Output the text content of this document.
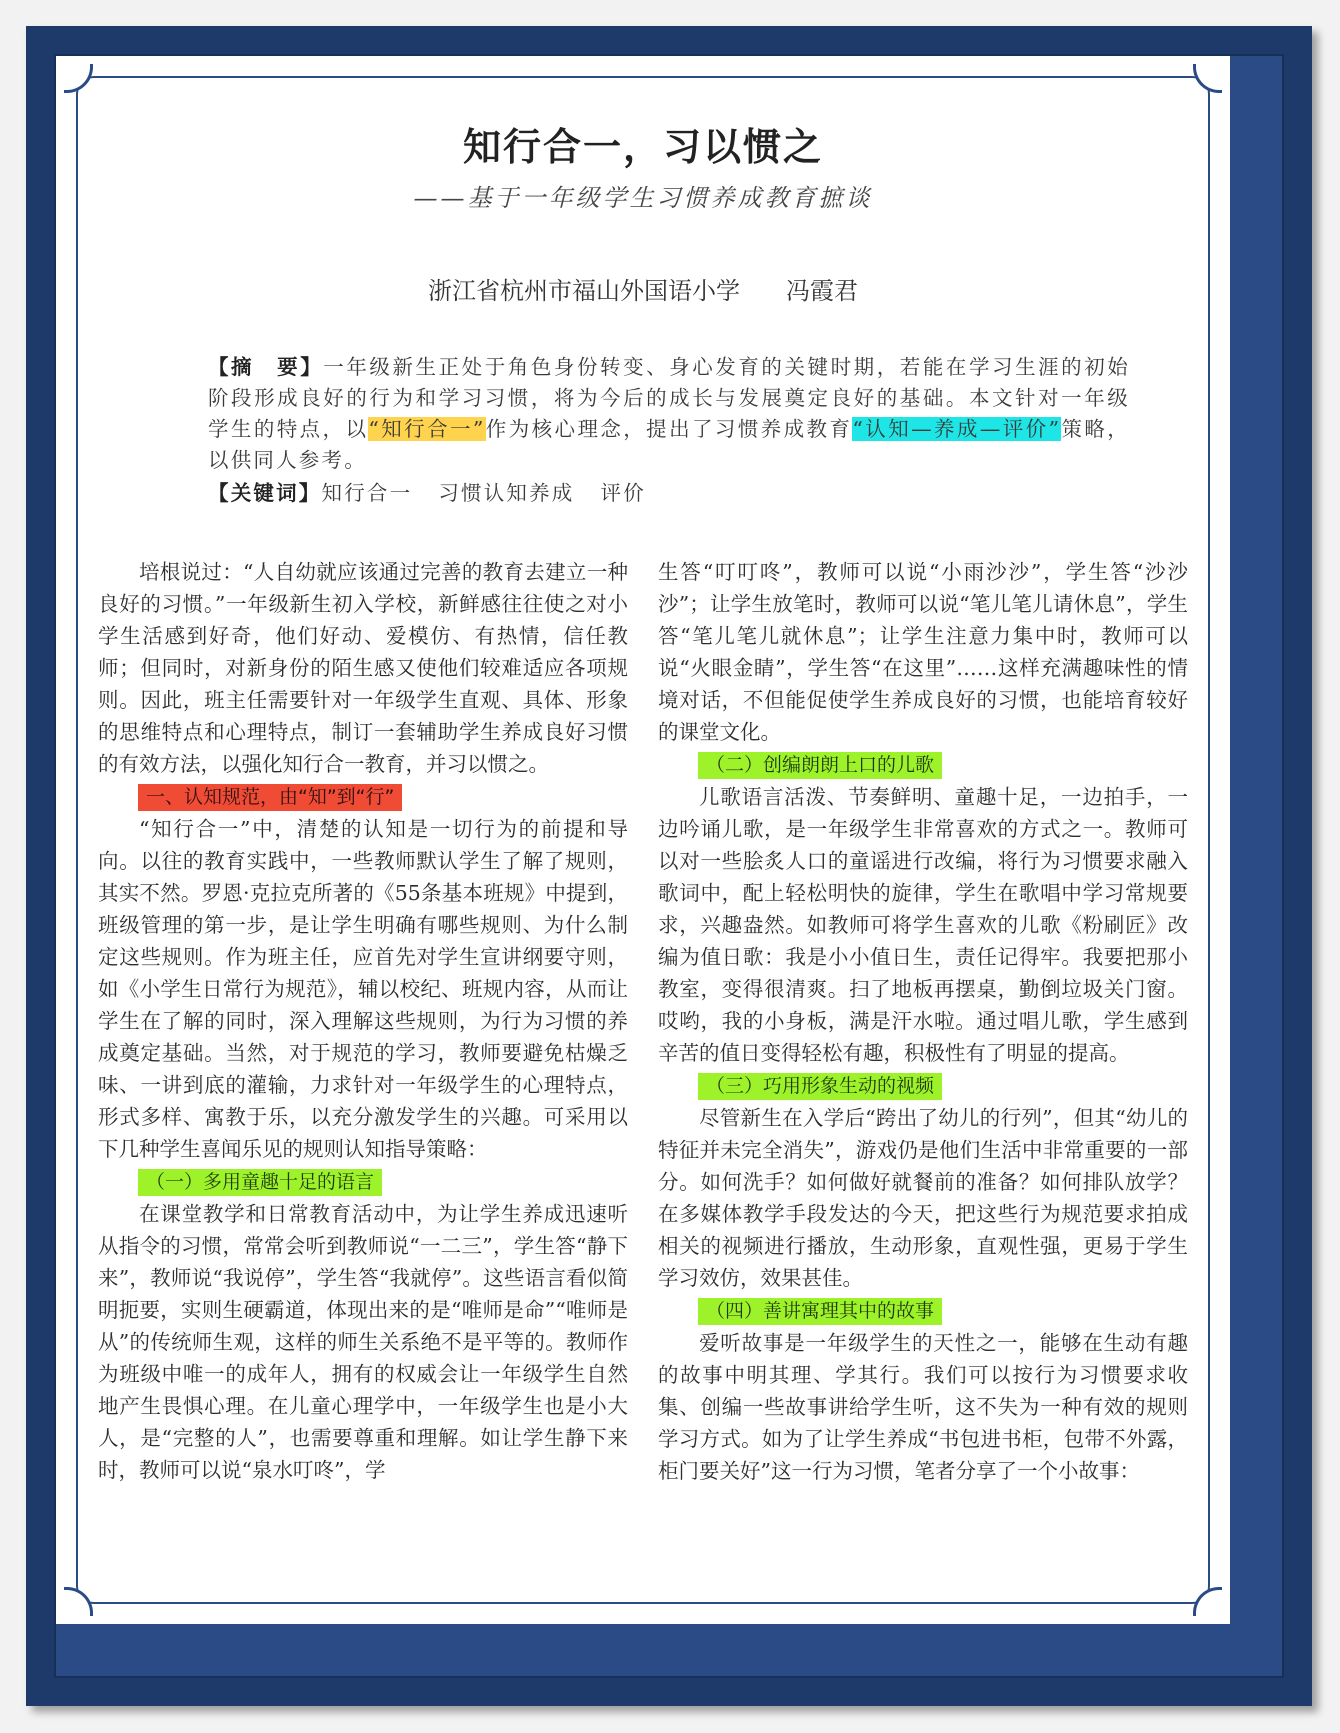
知行合一，习以惯之
——基于一年级学生习惯养成教育摭谈
浙江省杭州市福山外国语小学 冯霞君

【摘　要】一年级新生正处于角色身份转变、身心发育的关键时期，若能在学习生涯的初始阶段形成良好的行为和学习习惯，将为今后的成长与发展奠定良好的基础。本文针对一年级学生的特点，以“知行合一”作为核心理念，提出了习惯养成教育“认知—养成—评价”策略，以供同人参考。

【关键词】知行合一 习惯认知养成 评价

培根说过：“人自幼就应该通过完善的教育去建立一种良好的习惯。”一年级新生初入学校，新鲜感往往使之对小学生活感到好奇，他们好动、爱模仿、有热情，信任教师；但同时，对新身份的陌生感又使他们较难适应各项规则。因此，班主任需要针对一年级学生直观、具体、形象的思维特点和心理特点，制订一套辅助学生养成良好习惯的有效方法，以强化知行合一教育，并习以惯之。

一、认知规范，由“知”到“行”

“知行合一”中，清楚的认知是一切行为的前提和导向。以往的教育实践中，一些教师默认学生了解了规则，其实不然。罗恩·克拉克所著的《55条基本班规》中提到，班级管理的第一步，是让学生明确有哪些规则、为什么制定这些规则。作为班主任，应首先对学生宣讲纲要守则，如《小学生日常行为规范》，辅以校纪、班规内容，从而让学生在了解的同时，深入理解这些规则，为行为习惯的养成奠定基础。当然，对于规范的学习，教师要避免枯燥乏味、一讲到底的灌输，力求针对一年级学生的心理特点，形式多样、寓教于乐，以充分激发学生的兴趣。可采用以下几种学生喜闻乐见的规则认知指导策略：

（一）多用童趣十足的语言

在课堂教学和日常教育活动中，为让学生养成迅速听从指令的习惯，常常会听到教师说“一二三”，学生答“静下来”，教师说“我说停”，学生答“我就停”。这些语言看似简明扼要，实则生硬霸道，体现出来的是“唯师是命”“唯师是从”的传统师生观，这样的师生关系绝不是平等的。教师作为班级中唯一的成年人，拥有的权威会让一年级学生自然地产生畏惧心理。在儿童心理学中，一年级学生也是小大人，是“完整的人”，也需要尊重和理解。如让学生静下来时，教师可以说“泉水叮咚”，学

生答“叮叮咚”，教师可以说“小雨沙沙”，学生答“沙沙沙”；让学生放笔时，教师可以说“笔儿笔儿请休息”，学生答“笔儿笔儿就休息”；让学生注意力集中时，教师可以说“火眼金睛”，学生答“在这里”……这样充满趣味性的情境对话，不但能促使学生养成良好的习惯，也能培育较好的课堂文化。

（二）创编朗朗上口的儿歌

儿歌语言活泼、节奏鲜明、童趣十足，一边拍手，一边吟诵儿歌，是一年级学生非常喜欢的方式之一。教师可以对一些脍炙人口的童谣进行改编，将行为习惯要求融入歌词中，配上轻松明快的旋律，学生在歌唱中学习常规要求，兴趣盎然。如教师可将学生喜欢的儿歌《粉刷匠》改编为值日歌：我是小小值日生，责任记得牢。我要把那小教室，变得很清爽。扫了地板再摆桌，勤倒垃圾关门窗。哎哟，我的小身板，满是汗水啦。通过唱儿歌，学生感到辛苦的值日变得轻松有趣，积极性有了明显的提高。

（三）巧用形象生动的视频

尽管新生在入学后“跨出了幼儿的行列”，但其“幼儿的特征并未完全消失”，游戏仍是他们生活中非常重要的一部分。如何洗手？如何做好就餐前的准备？如何排队放学？在多媒体教学手段发达的今天，把这些行为规范要求拍成相关的视频进行播放，生动形象，直观性强，更易于学生学习效仿，效果甚佳。

（四）善讲寓理其中的故事

爱听故事是一年级学生的天性之一，能够在生动有趣的故事中明其理、学其行。我们可以按行为习惯要求收集、创编一些故事讲给学生听，这不失为一种有效的规则学习方式。如为了让学生养成“书包进书柜，包带不外露，柜门要关好”这一行为习惯，笔者分享了一个小故事：
